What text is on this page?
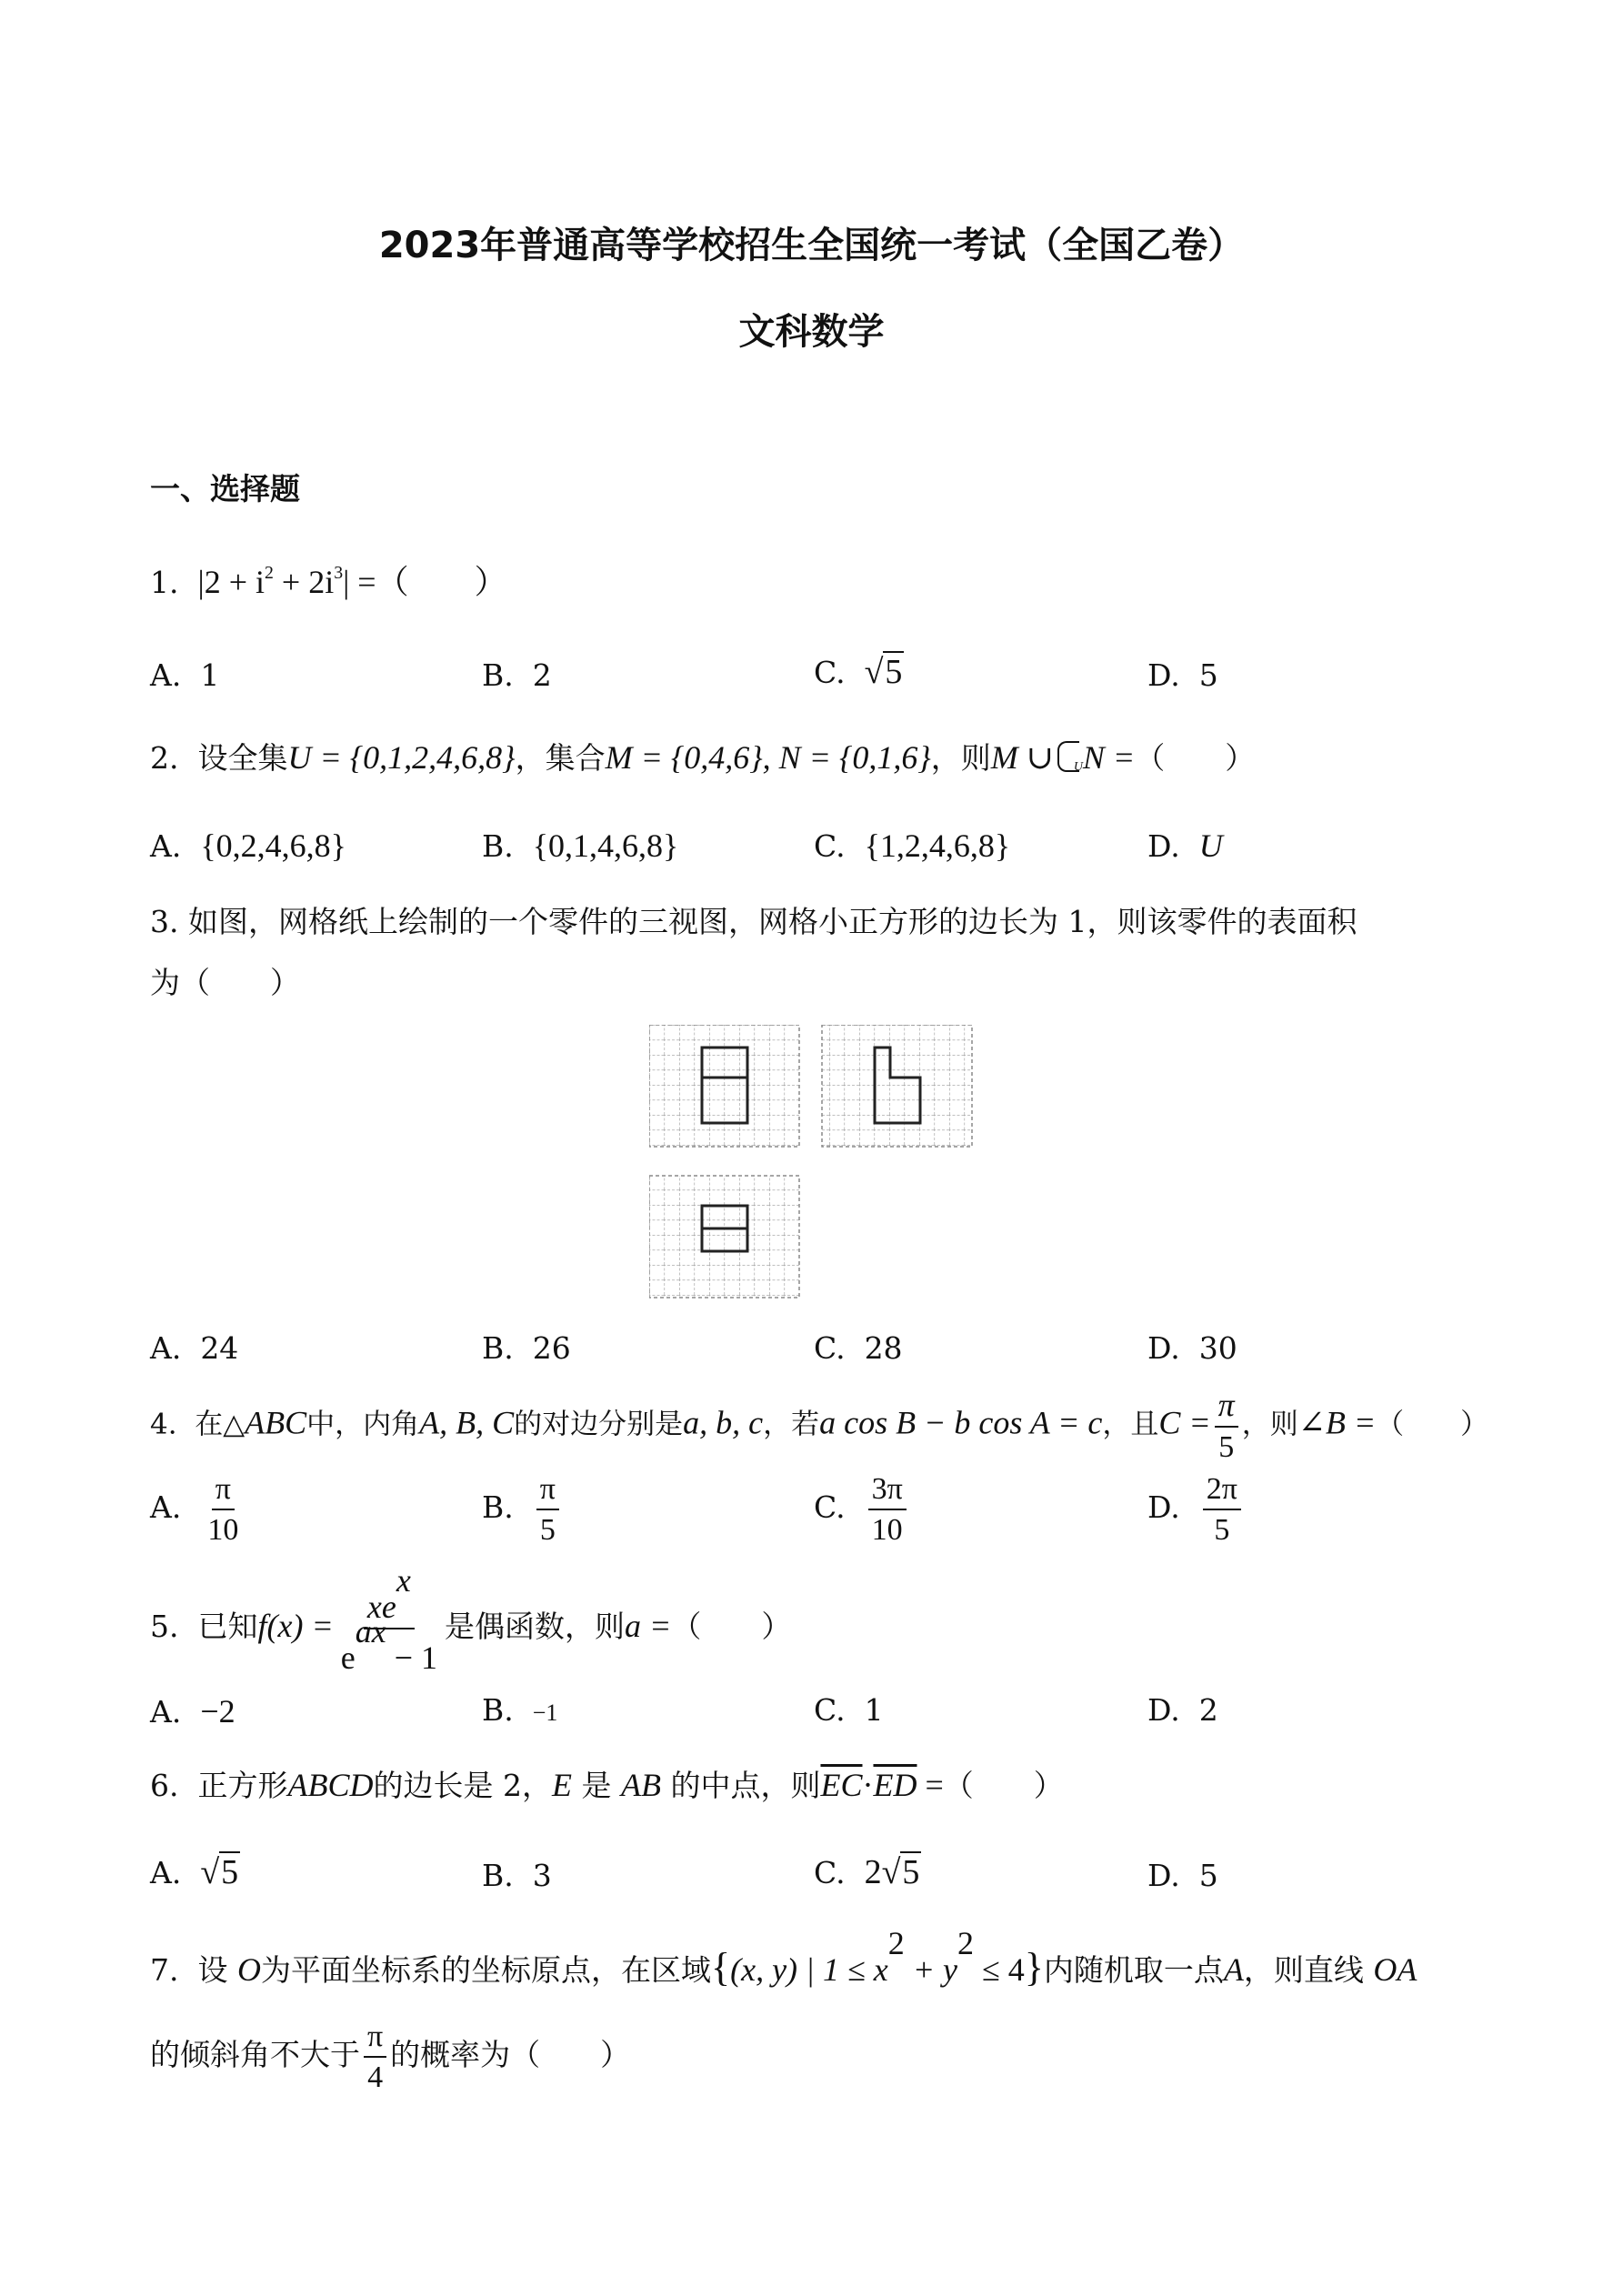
2023年普通高等学校招生全国统一考试（全国乙卷）
文科数学
一、选择题
1. $|2 + i^2 + 2i^3|$ =（　　）
A. 1	B. 2	C. √5	D. 5
2. 设全集U = {0,1,2,4,6,8}，集合M = {0,4,6}, N = {0,1,6}，则M ∪ U N =（　　）
A. {0,2,4,6,8}	B. {0,1,4,6,8}	C. {1,2,4,6,8}	D. U
3. 如图，网格纸上绘制的一个零件的三视图，网格小正方形的边长为 1，则该零件的表面积
为（　　）
A. 24	B. 26	C. 28	D. 30
4. 在△ABC中，内角A, B, C的对边分别是a, b, c，若a cos B − b cos A = c，且$C = \frac{\pi}{5}$ ，则∠B =（　　）
A. $\frac{\pi}{10}$	B. $\frac{\pi}{5}$	C. $\frac{3\pi}{10}$	D. $\frac{2\pi}{5}$
5. 已知$f(x) = \frac{xe^x}{e^{ax} - 1}$ 是偶函数，则a =（　　）
A. −2	B. −1	C. 1	D. 2
6. 正方形ABCD的边长是 2，E 是 AB 的中点，则$\overline{EC}\cdot\overline{ED}$ =（　　）
A. √5	B. 3	C. 2√5	D. 5
7. 设 O为平面坐标系的坐标原点，在区域{(x, y) | $1 \le x^2 + y^2 \le 4$}内随机取一点A，则直线 OA
的倾斜角不大于 $\frac{\pi}{4}$ 的概率为（　　）
